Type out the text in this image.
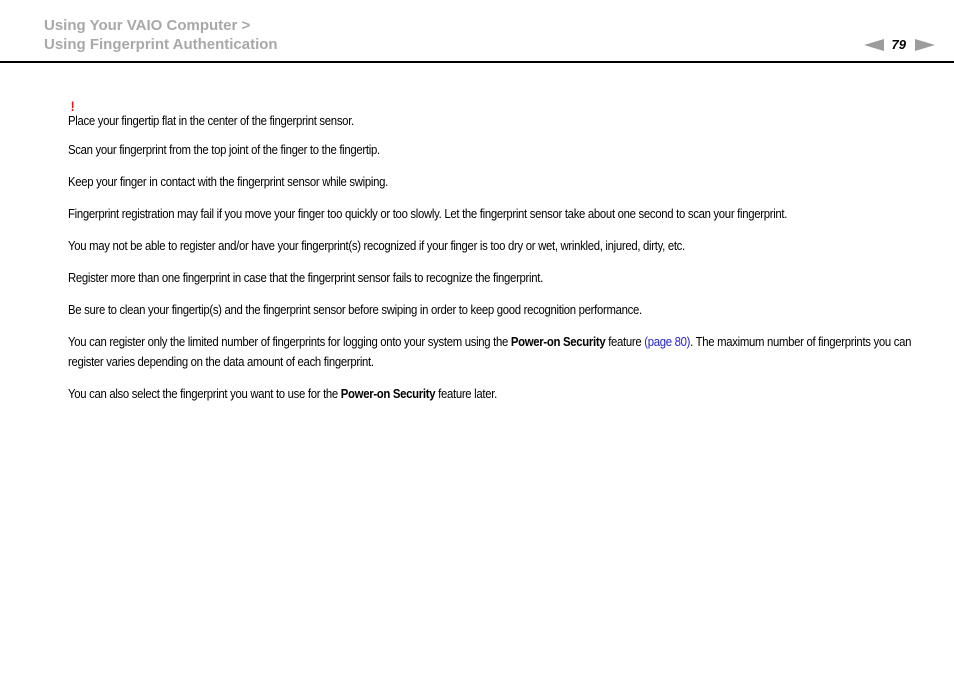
Using Your VAIO Computer >
Using Fingerprint Authentication	79
!

Place your fingertip flat in the center of the fingerprint sensor.

Scan your fingerprint from the top joint of the finger to the fingertip.

Keep your finger in contact with the fingerprint sensor while swiping.

Fingerprint registration may fail if you move your finger too quickly or too slowly. Let the fingerprint sensor take about one second to scan your fingerprint.

You may not be able to register and/or have your fingerprint(s) recognized if your finger is too dry or wet, wrinkled, injured, dirty, etc.

Register more than one fingerprint in case that the fingerprint sensor fails to recognize the fingerprint.

Be sure to clean your fingertip(s) and the fingerprint sensor before swiping in order to keep good recognition performance.

You can register only the limited number of fingerprints for logging onto your system using the Power-on Security feature (page 80). The maximum number of fingerprints you can register varies depending on the data amount of each fingerprint.

You can also select the fingerprint you want to use for the Power-on Security feature later.
